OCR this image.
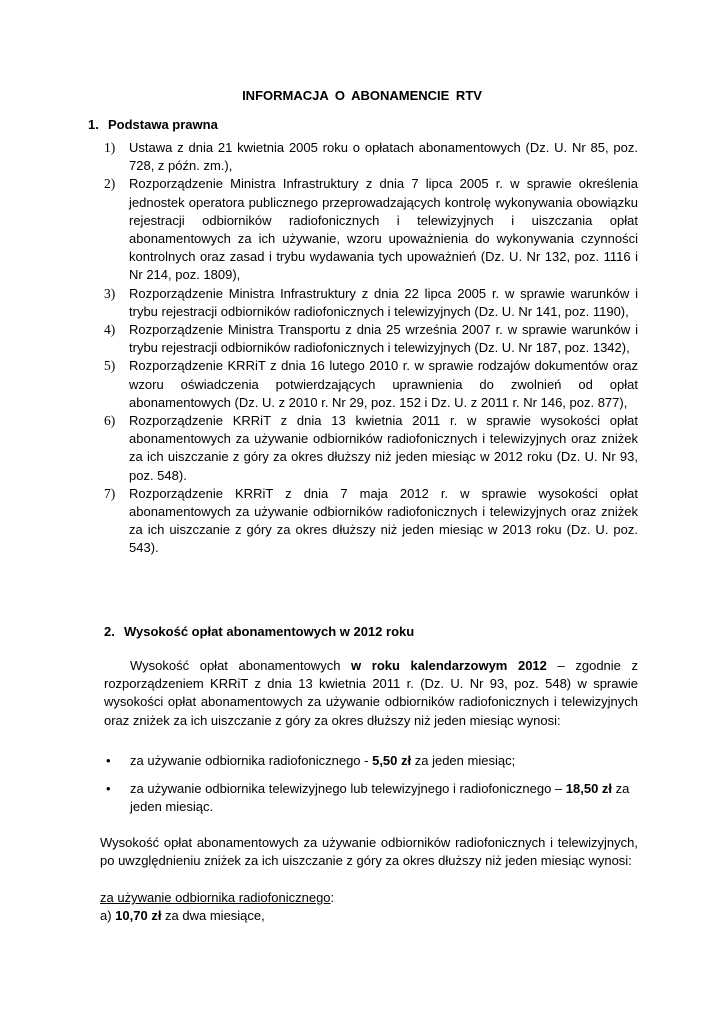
INFORMACJA O ABONAMENCIE RTV
1. Podstawa prawna
1) Ustawa z dnia 21 kwietnia 2005 roku o opłatach abonamentowych (Dz. U. Nr 85, poz. 728, z późn. zm.),
2) Rozporządzenie Ministra Infrastruktury z dnia 7 lipca 2005 r. w sprawie określenia jednostek operatora publicznego przeprowadzających kontrolę wykonywania obowiązku rejestracji odbiorników radiofonicznych i telewizyjnych i uiszczania opłat abonamentowych za ich używanie, wzoru upoważnienia do wykonywania czynności kontrolnych oraz zasad i trybu wydawania tych upoważnień (Dz. U. Nr 132, poz. 1116 i Nr 214, poz. 1809),
3) Rozporządzenie Ministra Infrastruktury z dnia 22 lipca 2005 r. w sprawie warunków i trybu rejestracji odbiorników radiofonicznych i telewizyjnych (Dz. U. Nr 141, poz. 1190),
4) Rozporządzenie Ministra Transportu z dnia 25 września 2007 r. w sprawie warunków i trybu rejestracji odbiorników radiofonicznych i telewizyjnych (Dz. U. Nr 187, poz. 1342),
5) Rozporządzenie KRRiT z dnia 16 lutego 2010 r. w sprawie rodzajów dokumentów oraz wzoru oświadczenia potwierdzających uprawnienia do zwolnień od opłat abonamentowych (Dz. U. z 2010 r. Nr 29, poz. 152 i Dz. U. z 2011 r. Nr 146, poz. 877),
6) Rozporządzenie KRRiT z dnia 13 kwietnia 2011 r. w sprawie wysokości opłat abonamentowych za używanie odbiorników radiofonicznych i telewizyjnych oraz zniżek za ich uiszczanie z góry za okres dłuższy niż jeden miesiąc w 2012 roku (Dz. U. Nr 93, poz. 548).
7) Rozporządzenie KRRiT z dnia 7 maja 2012 r. w sprawie wysokości opłat abonamentowych za używanie odbiorników radiofonicznych i telewizyjnych oraz zniżek za ich uiszczanie z góry za okres dłuższy niż jeden miesiąc w 2013 roku (Dz. U. poz. 543).
2. Wysokość opłat abonamentowych w 2012 roku
Wysokość opłat abonamentowych w roku kalendarzowym 2012 – zgodnie z rozporządzeniem KRRiT z dnia 13 kwietnia 2011 r. (Dz. U. Nr 93, poz. 548) w sprawie wysokości opłat abonamentowych za używanie odbiorników radiofonicznych i telewizyjnych oraz zniżek za ich uiszczanie z góry za okres dłuższy niż jeden miesiąc wynosi:
•	za używanie odbiornika radiofonicznego - 5,50 zł za jeden miesiąc;
•	za używanie odbiornika telewizyjnego lub telewizyjnego i radiofonicznego – 18,50 zł za jeden miesiąc.
Wysokość opłat abonamentowych za używanie odbiorników radiofonicznych i telewizyjnych, po uwzględnieniu zniżek za ich uiszczanie z góry za okres dłuższy niż jeden miesiąc wynosi:
za używanie odbiornika radiofonicznego:
a) 10,70 zł za dwa miesiące,
